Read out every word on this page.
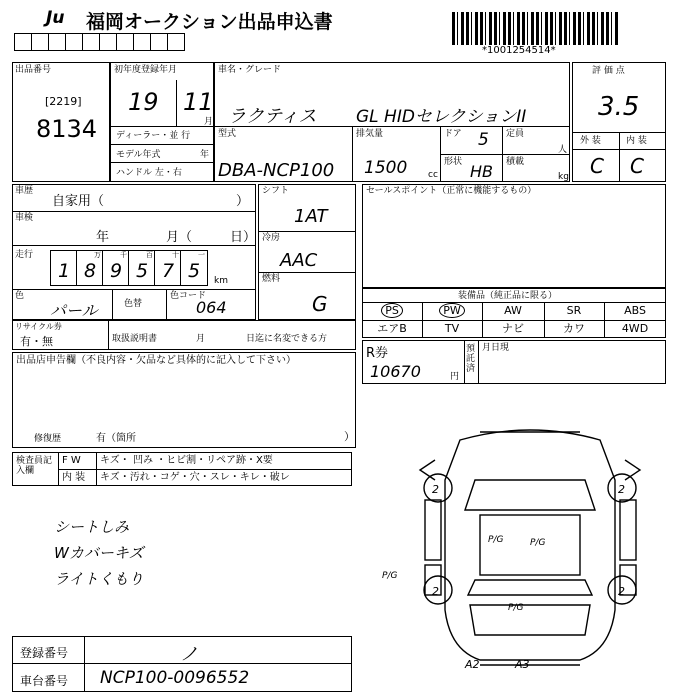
Ju 福岡オークション出品申込書
*1001254514*
出品番号
[2219]
8134
初年度登録年月
19 11
月
ディーラー・並 行
モデル年式	年
ハンドル 左・右
車名・グレード
ラクティス GL HIDセレクションII
型式
DBA-NCP100
排気量
1500 cc
ドア 5 定員
人
形状 HB 積載
kg
評 価 点
3.5
外 装	内 装
C C
車歴
自家用（	）
車検
年	月（	日）
走行	万	千	百	十	一
1 8 9 5 7 5 km
色
パール	色替
色コード
064
シフト
1AT
冷房
AAC
燃料
G
セールスポイント（正常に機能するもの）
装備品（純正品に限る）
PS	PW	AW	SR	ABS
エアB	TV	ナビ	カワ	4WD
リサイクル券
有・無	取扱説明書	月	日迄に名変できる方
R券
10670	円
預託済
月日現
出品店申告欄（不良内容・欠品など具体的に記入して下さい）
修復歴	有（箇所	）
検査員記入欄
F W キズ・ 凹み ・ヒビ割・リペア跡・X要
内 装 キズ・汚れ・コゲ・穴・スレ・キレ・破レ
シートしみ
Wカバーキズ
ライトくもり
2	2
2	2
P/G	P/G
P/G
P/G
A2	A3
登録番号	ノ
車台番号 NCP100-0096552
